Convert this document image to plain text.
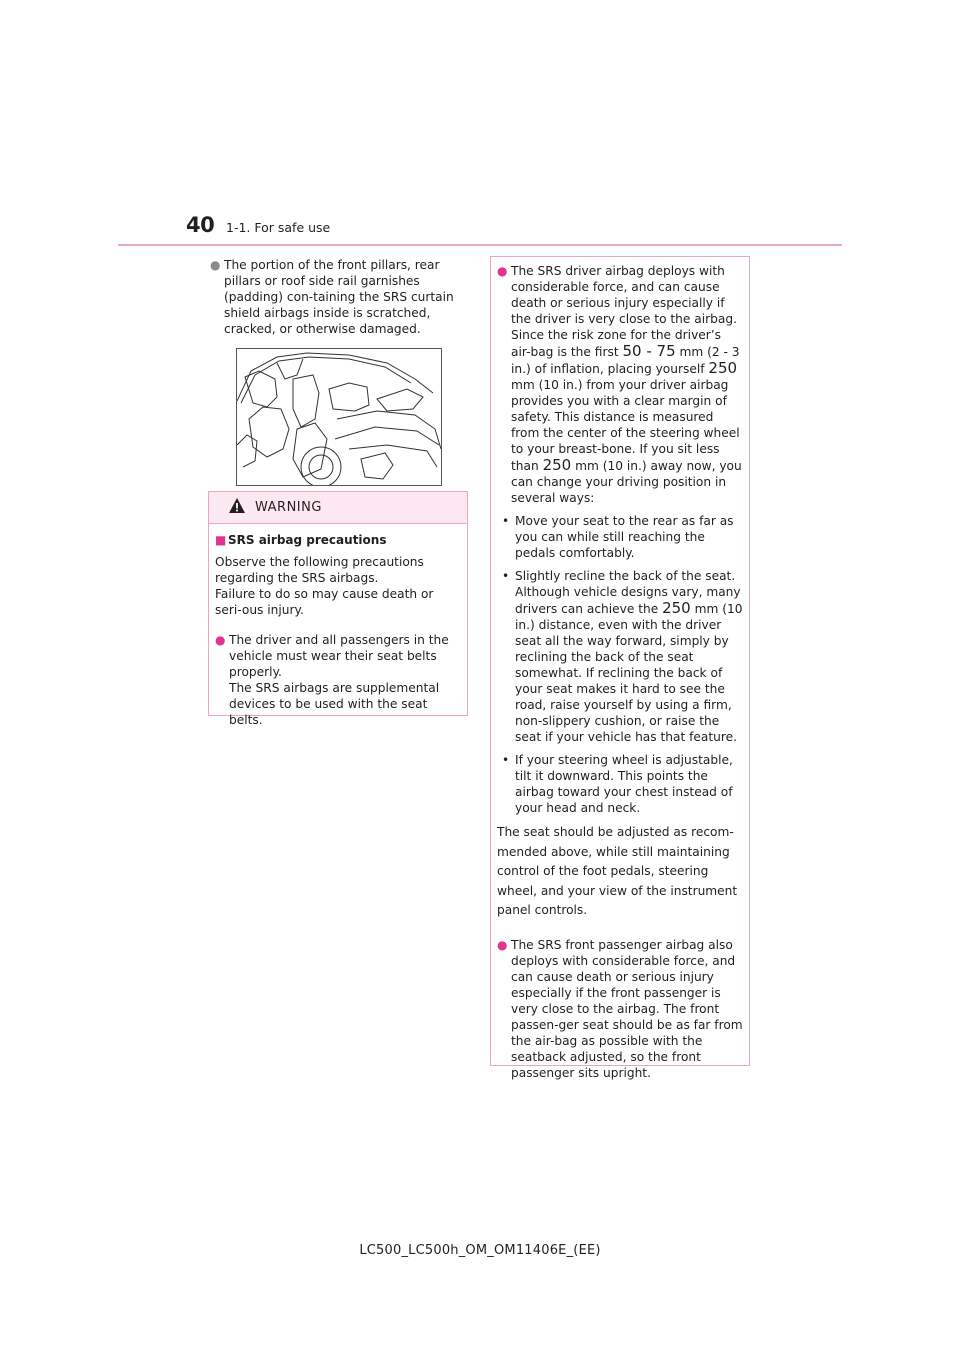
40 1-1. For safe use
● The portion of the front pillars, rear pillars or roof side rail garnishes (padding) con-taining the SRS curtain shield airbags inside is scratched, cracked, or otherwise damaged.
WARNING
■ SRS airbag precautions
Observe the following precautions regarding the SRS airbags.
Failure to do so may cause death or seri-ous injury.
● The driver and all passengers in the vehicle must wear their seat belts properly.
The SRS airbags are supplemental devices to be used with the seat belts.
● The SRS driver airbag deploys with considerable force, and can cause death or serious injury especially if the driver is very close to the airbag.
Since the risk zone for the driver’s air-bag is the first 50 - 75 mm (2 - 3 in.) of inflation, placing yourself 250 mm (10 in.) from your driver airbag provides you with a clear margin of safety. This distance is measured from the center of the steering wheel to your breast-bone. If you sit less than 250 mm (10 in.) away now, you can change your driving position in several ways:
• Move your seat to the rear as far as you can while still reaching the pedals comfortably.
• Slightly recline the back of the seat. Although vehicle designs vary, many drivers can achieve the 250 mm (10 in.) distance, even with the driver seat all the way forward, simply by reclining the back of the seat somewhat. If reclining the back of your seat makes it hard to see the road, raise yourself by using a firm, non-slippery cushion, or raise the seat if your vehicle has that feature.
• If your steering wheel is adjustable, tilt it downward. This points the airbag toward your chest instead of your head and neck.
The seat should be adjusted as recom-mended above, while still maintaining control of the foot pedals, steering wheel, and your view of the instrument panel controls.
● The SRS front passenger airbag also deploys with considerable force, and can cause death or serious injury especially if the front passenger is very close to the airbag. The front passen-ger seat should be as far from the air-bag as possible with the seatback adjusted, so the front passenger sits upright.
LC500_LC500h_OM_OM11406E_(EE)
